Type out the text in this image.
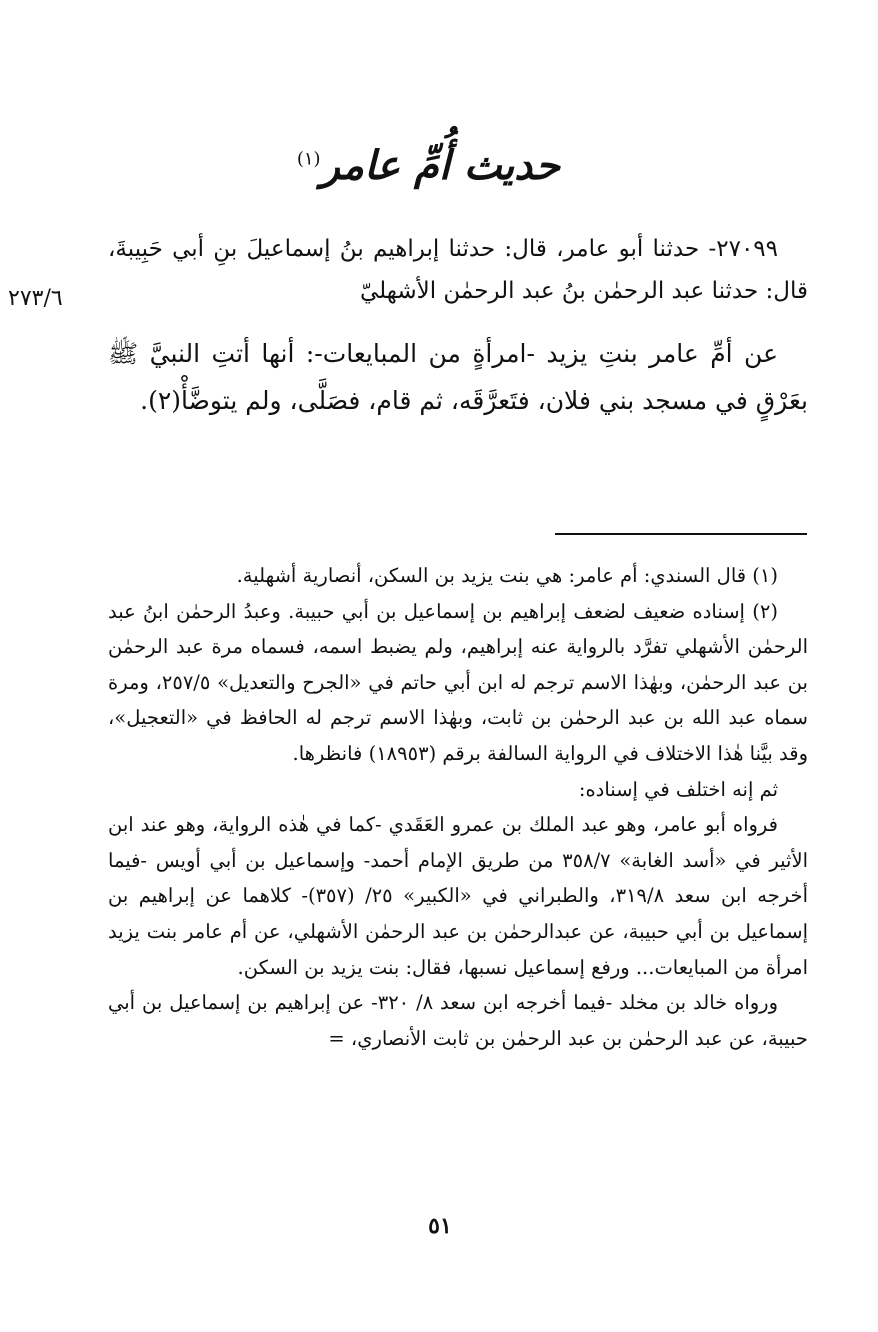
حديث أُمِّ عامر$^{(١)}$
٢٧٣/٦

٢٧٠٩٩- حدثنا أبو عامر، قال: حدثنا إبراهيم بنُ إسماعيلَ بنِ أبي حَبِيبةَ، قال: حدثنا عبد الرحمٰن بنُ عبد الرحمٰن الأشهليّ

عن أمِّ عامر بنتِ يزيد -امرأةٍ من المبايعات-: أنها أتتِ النبيَّ ﷺ بعَرْقٍ في مسجد بني فلان، فتَعرَّقَه، ثم قام، فصَلَّى، ولم يتوضَّأْ(٢).

(١) قال السندي: أم عامر: هي بنت يزيد بن السكن، أنصارية أشهلية.

(٢) إسناده ضعيف لضعف إبراهيم بن إسماعيل بن أبي حبيبة. وعبدُ الرحمٰن ابنُ عبد الرحمٰن الأشهلي تفرَّد بالرواية عنه إبراهيم، ولم يضبط اسمه، فسماه مرة عبد الرحمٰن بن عبد الرحمٰن، وبهٰذا الاسم ترجم له ابن أبي حاتم في «الجرح والتعديل» ٢٥٧/٥، ومرة سماه عبد الله بن عبد الرحمٰن بن ثابت، وبهٰذا الاسم ترجم له الحافظ في «التعجيل»، وقد بيَّنا هٰذا الاختلاف في الرواية السالفة برقم (١٨٩٥٣) فانظرها.

ثم إنه اختلف في إسناده:

فرواه أبو عامر، وهو عبد الملك بن عمرو العَقَدي -كما في هٰذه الرواية، وهو عند ابن الأثير في «أسد الغابة» ٣٥٨/٧ من طريق الإمام أحمد- وإسماعيل بن أبي أويس -فيما أخرجه ابن سعد ٣١٩/٨، والطبراني في «الكبير» ٢٥/ (٣٥٧)- كلاهما عن إبراهيم بن إسماعيل بن أبي حبيبة، عن عبدالرحمٰن بن عبد الرحمٰن الأشهلي، عن أم عامر بنت يزيد امرأة من المبايعات... ورفع إسماعيل نسبها، فقال: بنت يزيد بن السكن.

ورواه خالد بن مخلد -فيما أخرجه ابن سعد ٨/ ٣٢٠- عن إبراهيم بن إسماعيل بن أبي حبيبة، عن عبد الرحمٰن بن عبد الرحمٰن بن ثابت الأنصاري، =

٥١
